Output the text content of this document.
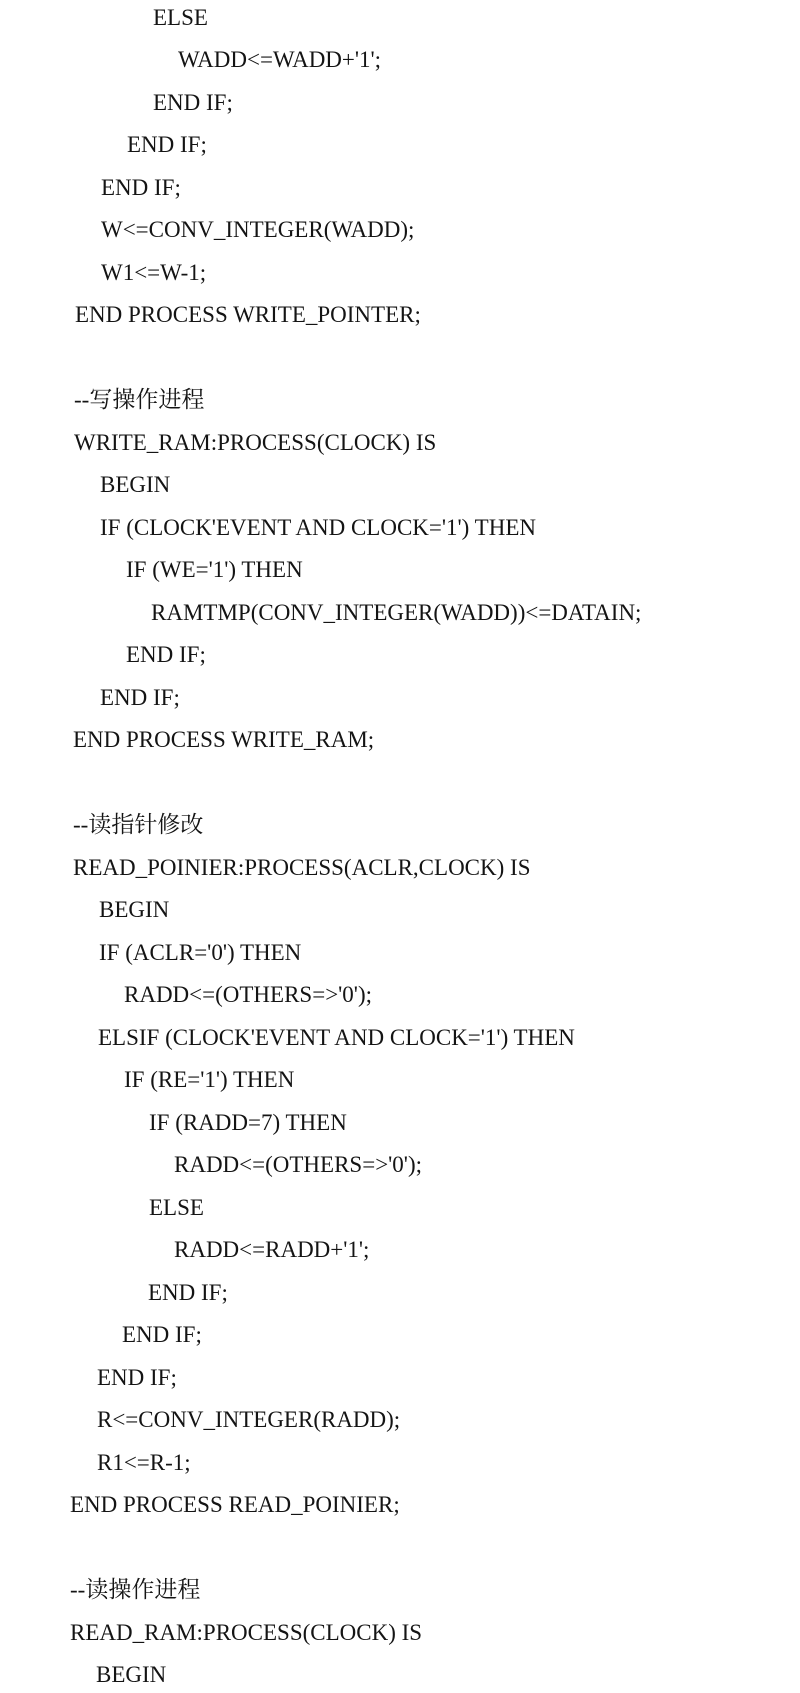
ELSE

WADD<=WADD+'1';

END IF;

END IF;

END IF;

W<=CONV_INTEGER(WADD);

W1<=W-1;

END PROCESS WRITE_POINTER;

--写操作进程

WRITE_RAM:PROCESS(CLOCK) IS

BEGIN

IF (CLOCK'EVENT AND CLOCK='1') THEN

IF (WE='1') THEN

RAMTMP(CONV_INTEGER(WADD))<=DATAIN;

END IF;

END IF;

END PROCESS WRITE_RAM;

--读指针修改

READ_POINIER:PROCESS(ACLR,CLOCK) IS

BEGIN

IF (ACLR='0') THEN

RADD<=(OTHERS=>'0');

ELSIF (CLOCK'EVENT AND CLOCK='1') THEN

IF (RE='1') THEN

IF (RADD=7) THEN

RADD<=(OTHERS=>'0');

ELSE

RADD<=RADD+'1';

END IF;

END IF;

END IF;

R<=CONV_INTEGER(RADD);

R1<=R-1;

END PROCESS READ_POINIER;

--读操作进程

READ_RAM:PROCESS(CLOCK) IS

BEGIN
